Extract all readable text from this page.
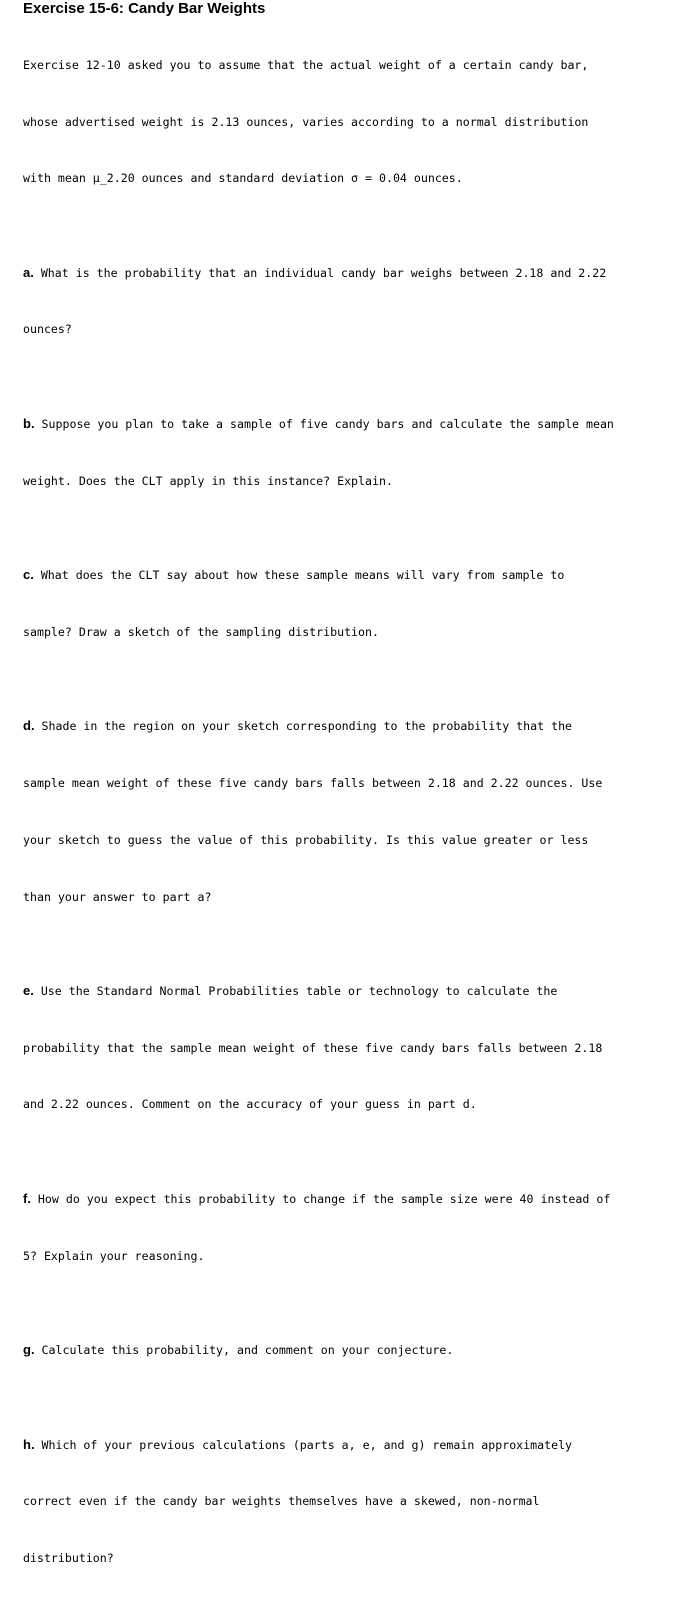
Exercise 15-6: Candy Bar Weights

Exercise 12-10 asked you to assume that the actual weight of a certain candy bar,

whose advertised weight is 2.13 ounces, varies according to a normal distribution

with mean μ_2.20 ounces and standard deviation σ = 0.04 ounces.

a. What is the probability that an individual candy bar weighs between 2.18 and 2.22

ounces?

b. Suppose you plan to take a sample of five candy bars and calculate the sample mean

weight. Does the CLT apply in this instance? Explain.

c. What does the CLT say about how these sample means will vary from sample to

sample? Draw a sketch of the sampling distribution.

d. Shade in the region on your sketch corresponding to the probability that the

sample mean weight of these five candy bars falls between 2.18 and 2.22 ounces. Use

your sketch to guess the value of this probability. Is this value greater or less

than your answer to part a?

e. Use the Standard Normal Probabilities table or technology to calculate the

probability that the sample mean weight of these five candy bars falls between 2.18

and 2.22 ounces. Comment on the accuracy of your guess in part d.

f. How do you expect this probability to change if the sample size were 40 instead of

5? Explain your reasoning.

g. Calculate this probability, and comment on your conjecture.

h. Which of your previous calculations (parts a, e, and g) remain approximately

correct even if the candy bar weights themselves have a skewed, non-normal

distribution?
